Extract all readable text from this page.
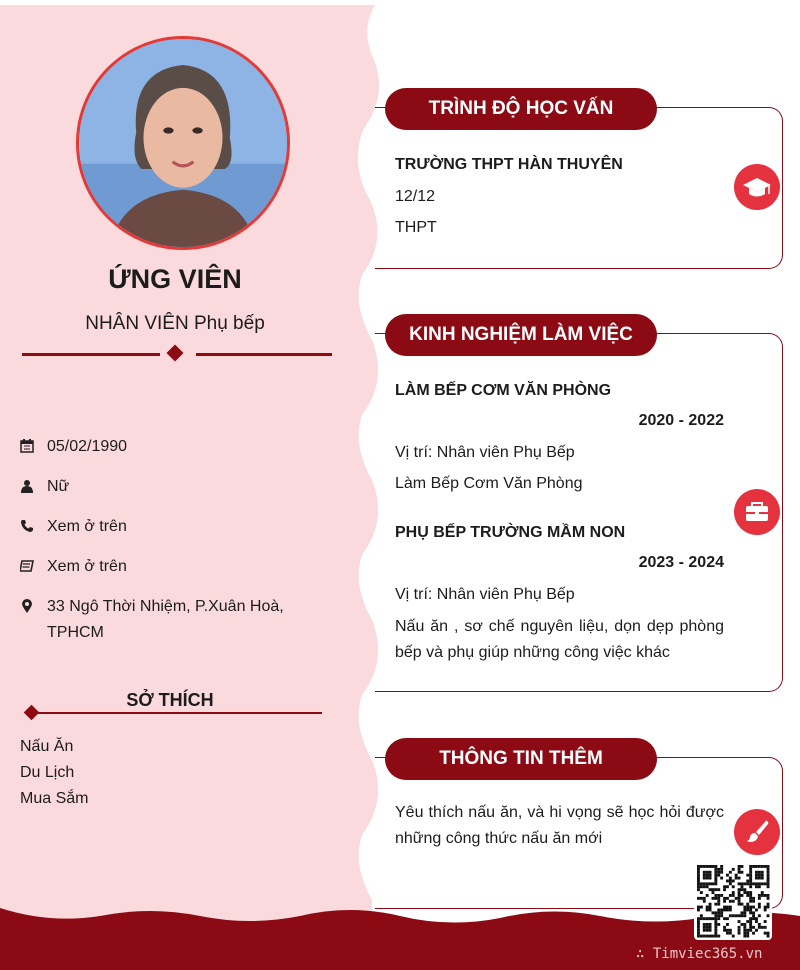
ỨNG VIÊN
NHÂN VIÊN Phụ bếp
05/02/1990
Nữ
Xem ở trên
Xem ở trên
33 Ngô Thời Nhiệm, P.Xuân Hoà, TPHCM
SỞ THÍCH
Nấu Ăn
Du Lịch
Mua Sắm
TRÌNH ĐỘ HỌC VẤN
TRƯỜNG THPT HÀN THUYÊN
12/12
THPT
KINH NGHIỆM LÀM VIỆC
LÀM BẾP CƠM VĂN PHÒNG
2020 - 2022
Vị trí: Nhân viên Phụ Bếp
Làm Bếp Cơm Văn Phòng
PHỤ BẾP TRƯỜNG MẦM NON
2023 - 2024
Vị trí: Nhân viên Phụ Bếp
Nấu ăn , sơ chế nguyên liệu, dọn dẹp phòng bếp và phụ giúp những công việc khác
THÔNG TIN THÊM
Yêu thích nấu ăn, và hi vọng sẽ học hỏi được những công thức nấu ăn mới
∴ Timviec365.vn
